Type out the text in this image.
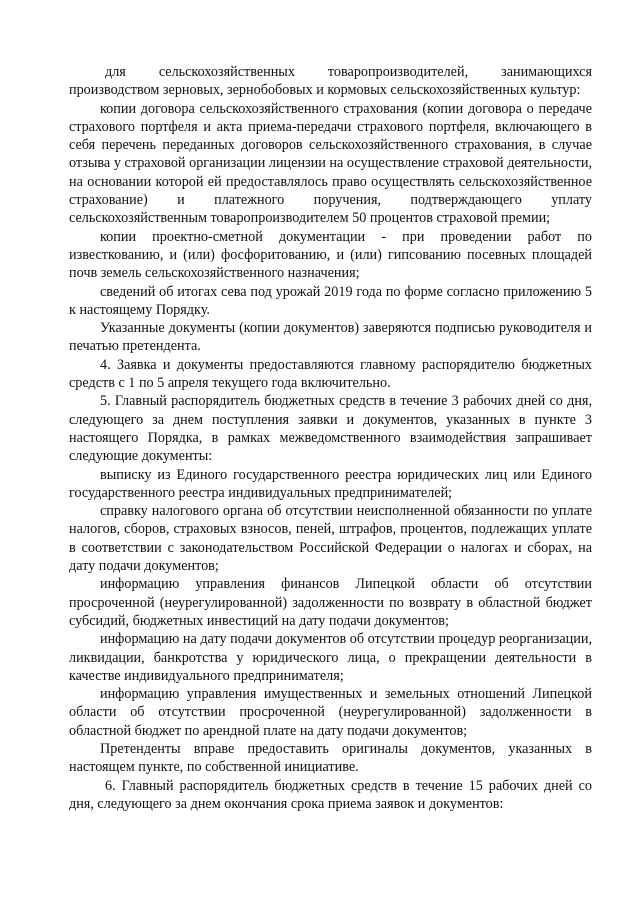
для сельскохозяйственных товаропроизводителей, занимающихся производством зерновых, зернобобовых и кормовых сельскохозяйственных культур:

копии договора сельскохозяйственного страхования (копии договора о передаче страхового портфеля и акта приема-передачи страхового портфеля, включающего в себя перечень переданных договоров сельскохозяйственного страхования, в случае отзыва у страховой организации лицензии на осуществление страховой деятельности, на основании которой ей предоставлялось право осуществлять сельскохозяйственное страхование) и платежного поручения, подтверждающего уплату сельскохозяйственным товаропроизводителем 50 процентов страховой премии;

копии проектно-сметной документации - при проведении работ по известкованию, и (или) фосфоритованию, и (или) гипсованию посевных площадей почв земель сельскохозяйственного назначения;

сведений об итогах сева под урожай 2019 года по форме согласно приложению 5 к настоящему Порядку.

Указанные документы (копии документов) заверяются подписью руководителя и печатью претендента.

4. Заявка и документы предоставляются главному распорядителю бюджетных средств с 1 по 5 апреля текущего года включительно.

5. Главный распорядитель бюджетных средств в течение 3 рабочих дней со дня, следующего за днем поступления заявки и документов, указанных в пункте 3 настоящего Порядка, в рамках межведомственного взаимодействия запрашивает следующие документы:

выписку из Единого государственного реестра юридических лиц или Единого государственного реестра индивидуальных предпринимателей;

справку налогового органа об отсутствии неисполненной обязанности по уплате налогов, сборов, страховых взносов, пеней, штрафов, процентов, подлежащих уплате в соответствии с законодательством Российской Федерации о налогах и сборах, на дату подачи документов;

информацию управления финансов Липецкой области об отсутствии просроченной (неурегулированной) задолженности по возврату в областной бюджет субсидий, бюджетных инвестиций на дату подачи документов;

информацию на дату подачи документов об отсутствии процедур реорганизации, ликвидации, банкротства у юридического лица, о прекращении деятельности в качестве индивидуального предпринимателя;

информацию управления имущественных и земельных отношений Липецкой области об отсутствии просроченной (неурегулированной) задолженности в областной бюджет по арендной плате на дату подачи документов;

Претенденты вправе предоставить оригиналы документов, указанных в настоящем пункте, по собственной инициативе.

6. Главный распорядитель бюджетных средств в течение 15 рабочих дней со дня, следующего за днем окончания срока приема заявок и документов:
